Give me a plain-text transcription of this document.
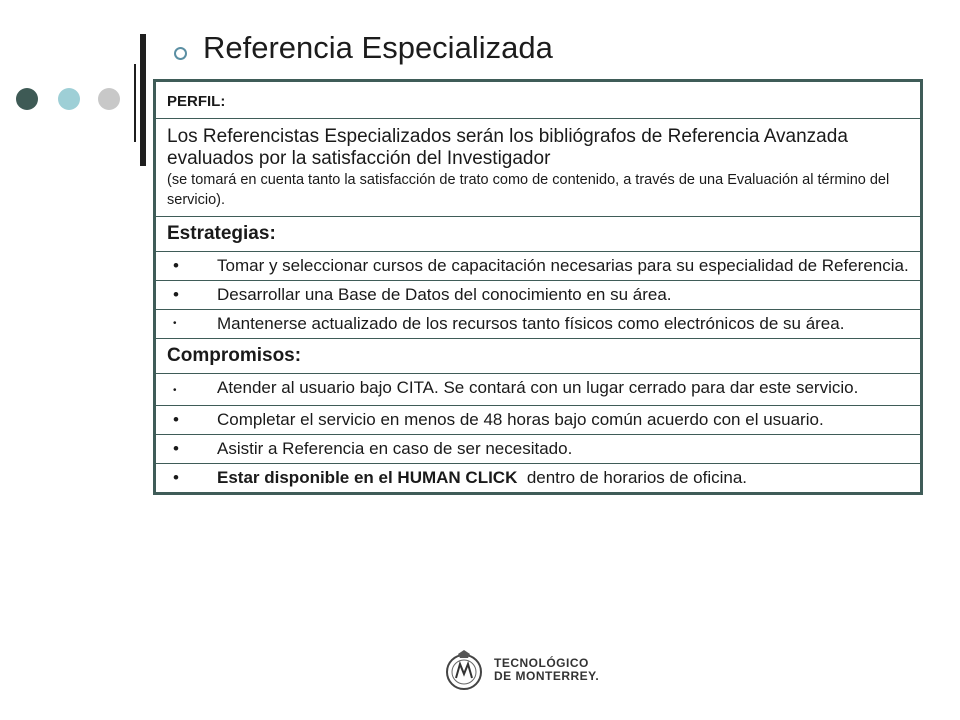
Referencia Especializada
PERFIL:
Los Referencistas Especializados serán los bibliógrafos de Referencia Avanzada evaluados por la satisfacción del Investigador
(se tomará en cuenta tanto la satisfacción de trato como de contenido, a través de una Evaluación al término del servicio).
Estrategias:
•	Tomar y seleccionar cursos de capacitación necesarias para su especialidad de Referencia.
•	Desarrollar una Base de Datos del conocimiento en su área.
•	Mantenerse actualizado de los recursos tanto físicos como electrónicos de su área.
Compromisos:
• Atender al usuario bajo CITA. Se contará con un lugar cerrado para dar este servicio.
•	Completar el servicio en menos de 48 horas bajo común acuerdo con el usuario.
•	Asistir a Referencia en caso de ser necesitado.
•	Estar disponible en el HUMAN CLICK  dentro de horarios de oficina.
TECNOLÓGICO
DE MONTERREY.
